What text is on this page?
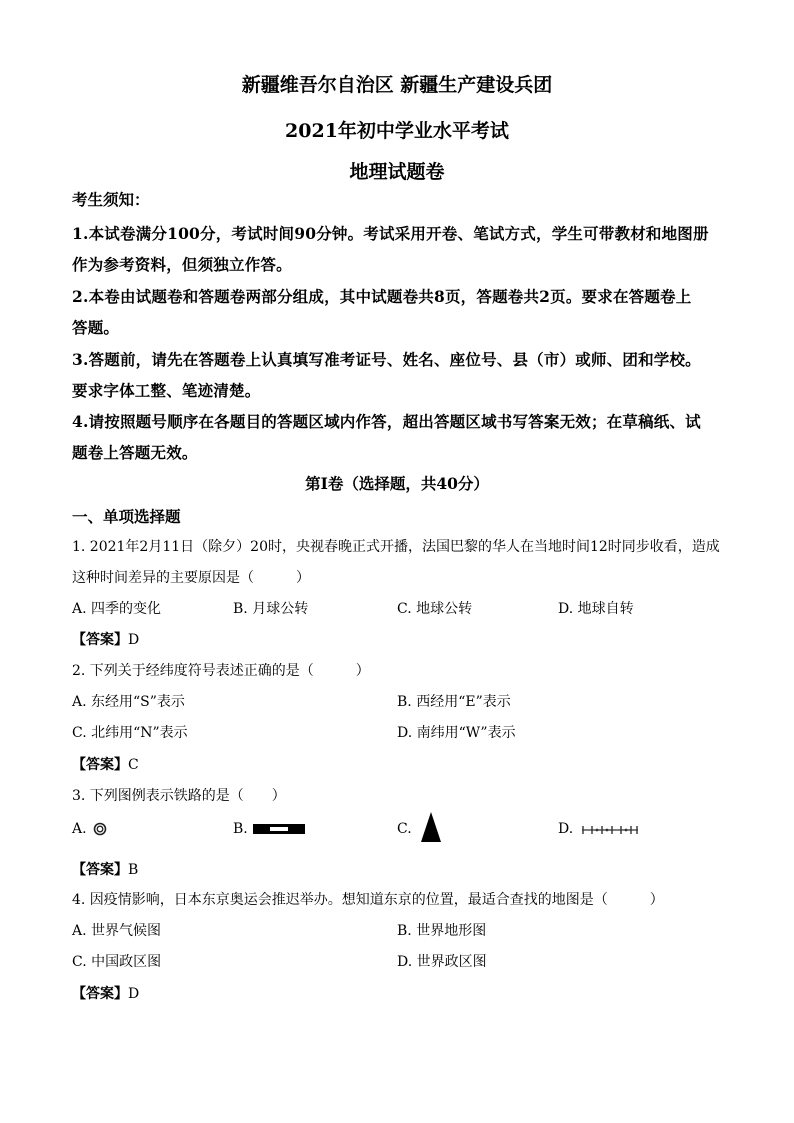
新疆维吾尔自治区 新疆生产建设兵团
2021年初中学业水平考试
地理试题卷
考生须知：
1.本试卷满分100分，考试时间90分钟。考试采用开卷、笔试方式，学生可带教材和地图册
作为参考资料，但须独立作答。
2.本卷由试题卷和答题卷两部分组成，其中试题卷共8页，答题卷共2页。要求在答题卷上
答题。
3.答题前，请先在答题卷上认真填写准考证号、姓名、座位号、县（市）或师、团和学校。
要求字体工整、笔迹清楚。
4.请按照题号顺序在各题目的答题区域内作答，超出答题区域书写答案无效；在草稿纸、试
题卷上答题无效。
第Ⅰ卷（选择题，共40分）
一、单项选择题
1. 2021年2月11日（除夕）20时，央视春晚正式开播，法国巴黎的华人在当地时间12时同步收看，造成
这种时间差异的主要原因是（　　　）
A. 四季的变化	B. 月球公转	C. 地球公转	D. 地球自转
【答案】D
2. 下列关于经纬度符号表述正确的是（　　　）
A. 东经用“S”表示	B. 西经用“E”表示
C. 北纬用“N”表示	D. 南纬用“W”表示
【答案】C
3. 下列图例表示铁路的是（　　）
A.	B.	C.	D.
【答案】B
4. 因疫情影响，日本东京奥运会推迟举办。想知道东京的位置，最适合查找的地图是（　　　）
A. 世界气候图	B. 世界地形图
C. 中国政区图	D. 世界政区图
【答案】D
